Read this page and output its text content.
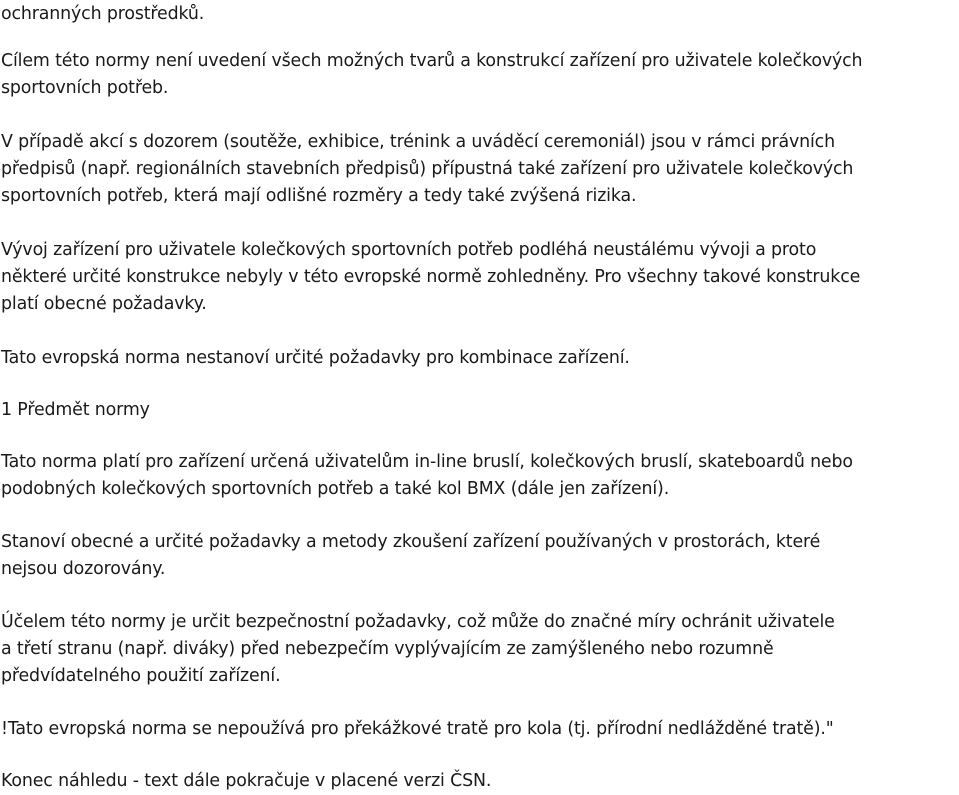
ochranných prostředků.

Cílem této normy není uvedení všech možných tvarů a konstrukcí zařízení pro uživatele kolečkových
sportovních potřeb.

V případě akcí s dozorem (soutěže, exhibice, trénink a uváděcí ceremoniál) jsou v rámci právních
předpisů (např. regionálních stavebních předpisů) přípustná také zařízení pro uživatele kolečkových
sportovních potřeb, která mají odlišné rozměry a tedy také zvýšená rizika.

Vývoj zařízení pro uživatele kolečkových sportovních potřeb podléhá neustálému vývoji a proto
některé určité konstrukce nebyly v této evropské normě zohledněny. Pro všechny takové konstrukce
platí obecné požadavky.

Tato evropská norma nestanoví určité požadavky pro kombinace zařízení.

1 Předmět normy

Tato norma platí pro zařízení určená uživatelům in-line bruslí, kolečkových bruslí, skateboardů nebo
podobných kolečkových sportovních potřeb a také kol BMX (dále jen zařízení).

Stanoví obecné a určité požadavky a metody zkoušení zařízení používaných v prostorách, které
nejsou dozorovány.

Účelem této normy je určit bezpečnostní požadavky, což může do značné míry ochránit uživatele
a třetí stranu (např. diváky) před nebezpečím vyplývajícím ze zamýšleného nebo rozumně
předvídatelného použití zařízení.

!Tato evropská norma se nepoužívá pro překážkové tratě pro kola (tj. přírodní nedlážděné tratě)."

Konec náhledu - text dále pokračuje v placené verzi ČSN.
